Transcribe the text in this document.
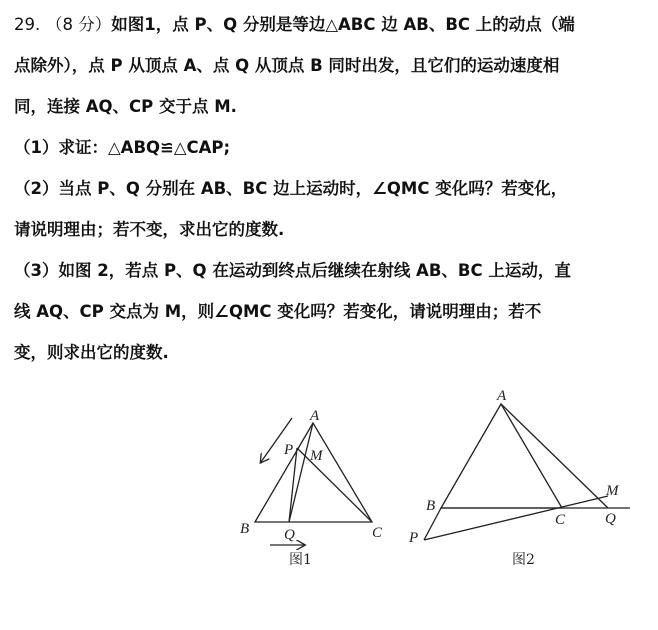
29. （8 分）如图1，点 P、Q 分别是等边△ABC 边 AB、BC 上的动点（端
点除外），点 P 从顶点 A、点 Q 从顶点 B 同时出发，且它们的运动速度相
同，连接 AQ、CP 交于点 M.
（1）求证：△ABQ≌△CAP;
（2）当点 P、Q 分别在 AB、BC 边上运动时，∠QMC 变化吗？若变化，
请说明理由；若不变，求出它的度数.
（3）如图 2，若点 P、Q 在运动到终点后继续在射线 AB、BC 上运动，直
线 AQ、CP 交点为 M，则∠QMC 变化吗？若变化，请说明理由；若不
变，则求出它的度数.
A
B	C
P
Q
M
图1
A
B
C
P
Q
M
图2
